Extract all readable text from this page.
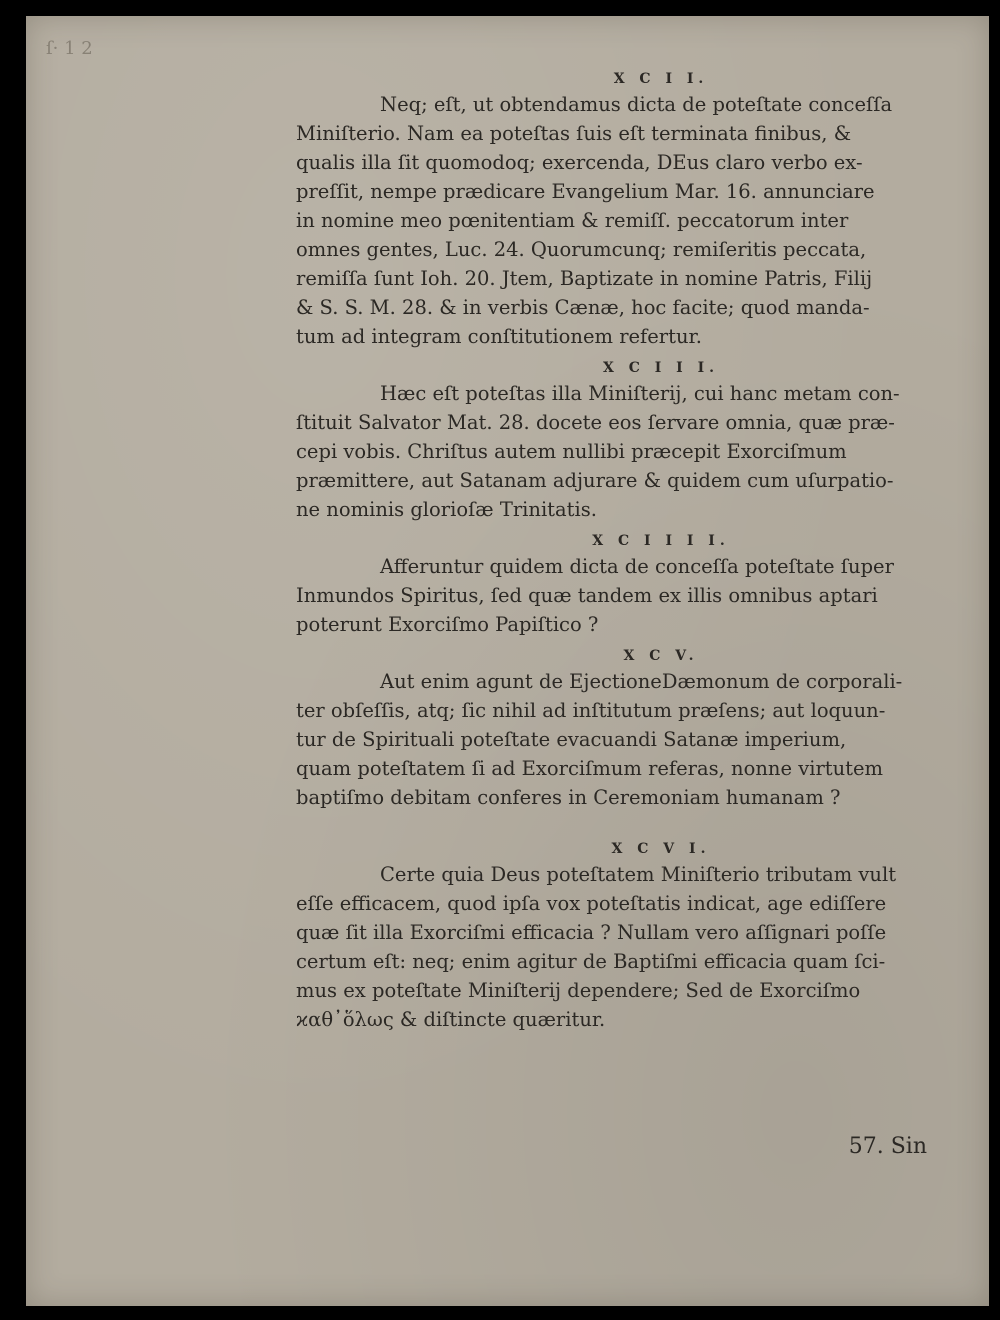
ſ· 1 2

X C I I.

Neq; eſt, ut obtendamus dicta de poteſtate conceſſa
Miniſterio. Nam ea poteſtas ſuis eſt terminata finibus, &
qualis illa ſit quomodoq; exercenda, DEus claro verbo ex-
preſſit, nempe prædicare Evangelium Mar. 16. annunciare
in nomine meo pœnitentiam & remiſſ. peccatorum inter
omnes gentes, Luc. 24. Quorumcunq; remiſeritis peccata,
remiſſa ſunt Ioh. 20. Jtem, Baptizate in nomine Patris, Filij
& S. S. M. 28. & in verbis Cænæ, hoc facite; quod manda-
tum ad integram conſtitutionem refertur.

X C I I I.

Hæc eſt poteſtas illa Miniſterij, cui hanc metam con-
ſtituit Salvator Mat. 28. docete eos ſervare omnia, quæ præ-
cepi vobis. Chriſtus autem nullibi præcepit Exorciſmum
præmittere, aut Satanam adjurare & quidem cum uſurpatio-
ne nominis glorioſæ Trinitatis.

X C I I I I.

Afferuntur quidem dicta de conceſſa poteſtate ſuper
Inmundos Spiritus, ſed quæ tandem ex illis omnibus aptari
poterunt Exorciſmo Papiſtico ?

X C V.

Aut enim agunt de EjectioneDæmonum de corporali-
ter obſeſſis, atq; ſic nihil ad inſtitutum præſens; aut loquun-
tur de Spirituali poteſtate evacuandi Satanæ imperium,
quam poteſtatem ſi ad Exorciſmum referas, nonne virtutem
baptiſmo debitam conferes in Ceremoniam humanam ?

X C V I.

Certe quia Deus poteſtatem Miniſterio tributam vult
eſſe efficacem, quod ipſa vox poteſtatis indicat, age ediſſere
quæ ſit illa Exorciſmi efficacia ? Nullam vero aſſignari poſſe
certum eſt: neq; enim agitur de Baptiſmi efficacia quam ſci-
mus ex poteſtate Miniſterij dependere; Sed de Exorciſmo
ϰαθ᾽ὅλως & diſtincte quæritur.

57. Sin
